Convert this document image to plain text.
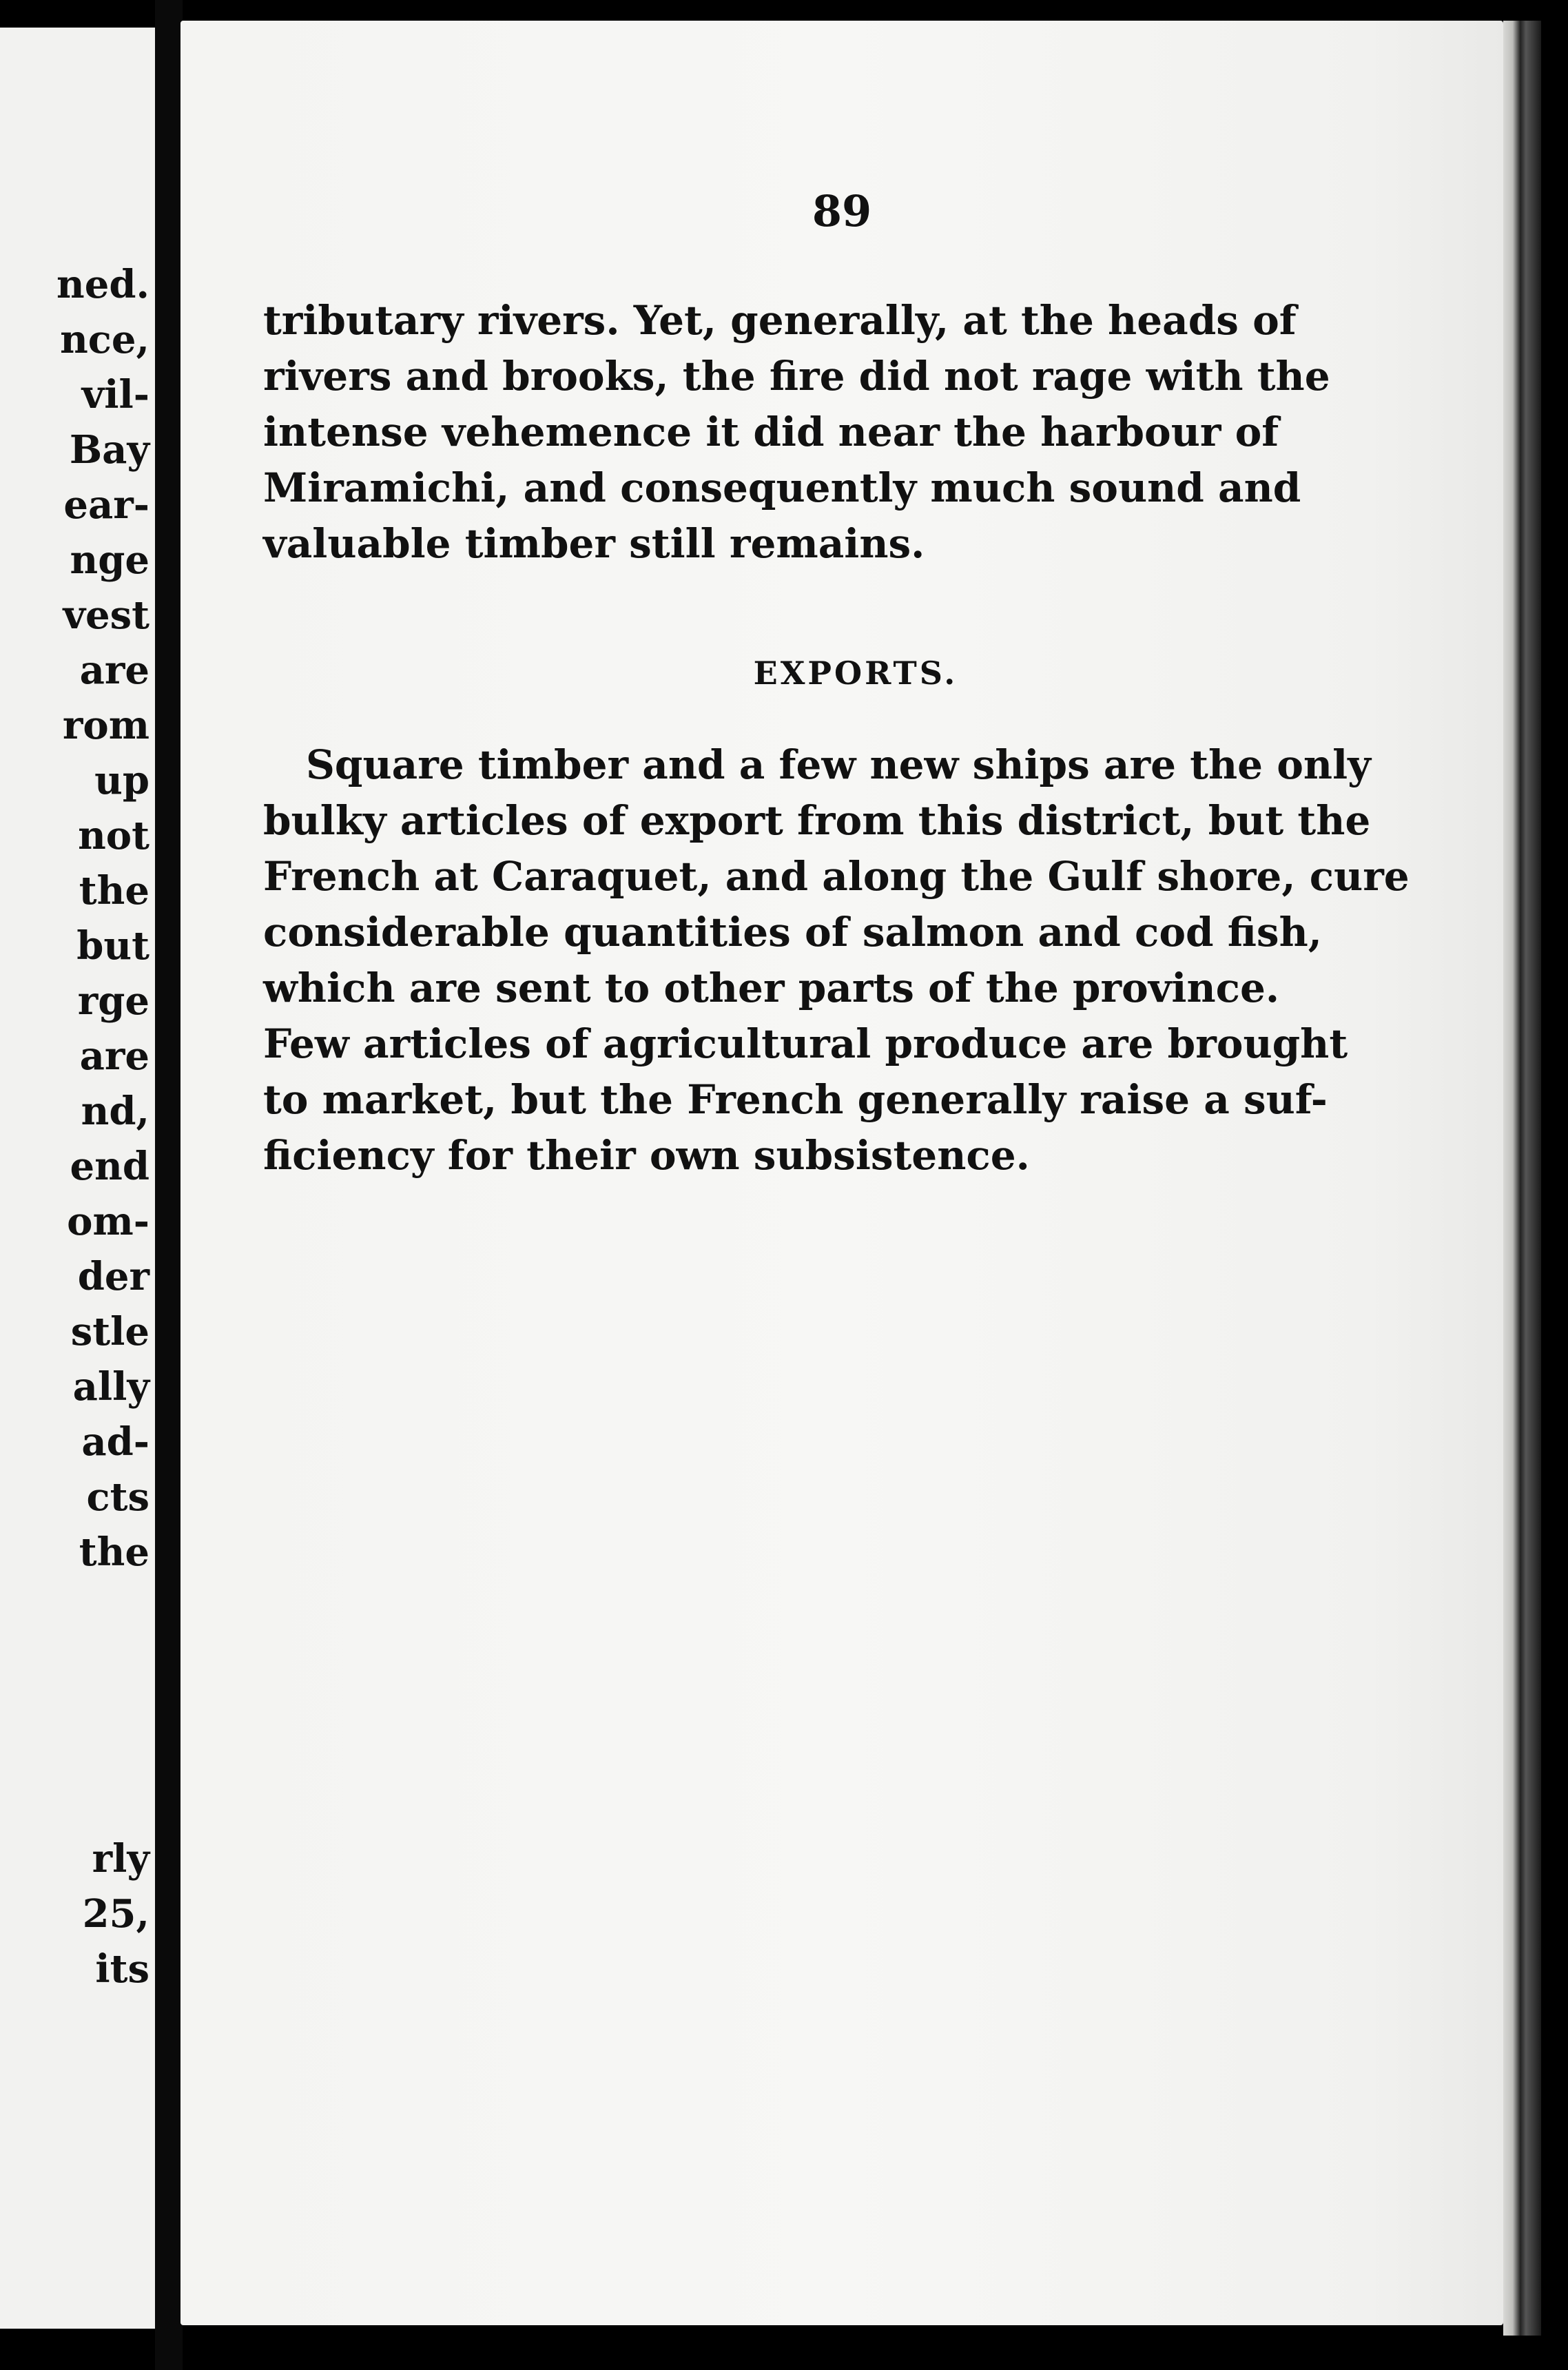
ned.
nce,
vil-
Bay
ear-
nge
vest
are
rom
up
not
the
but
rge
are
nd,
end
om-
der
stle
ally
ad-
cts
the
rly
25,
its
89
tributary rivers. Yet, generally, at the heads of
rivers and brooks, the fire did not rage with the
intense vehemence it did near the harbour of
Miramichi, and consequently much sound and
valuable timber still remains.
EXPORTS.
Square timber and a few new ships are the only
bulky articles of export from this district, but the
French at Caraquet, and along the Gulf shore, cure
considerable quantities of salmon and cod fish,
which are sent to other parts of the province.
Few articles of agricultural produce are brought
to market, but the French generally raise a suf-
ficiency for their own subsistence.
